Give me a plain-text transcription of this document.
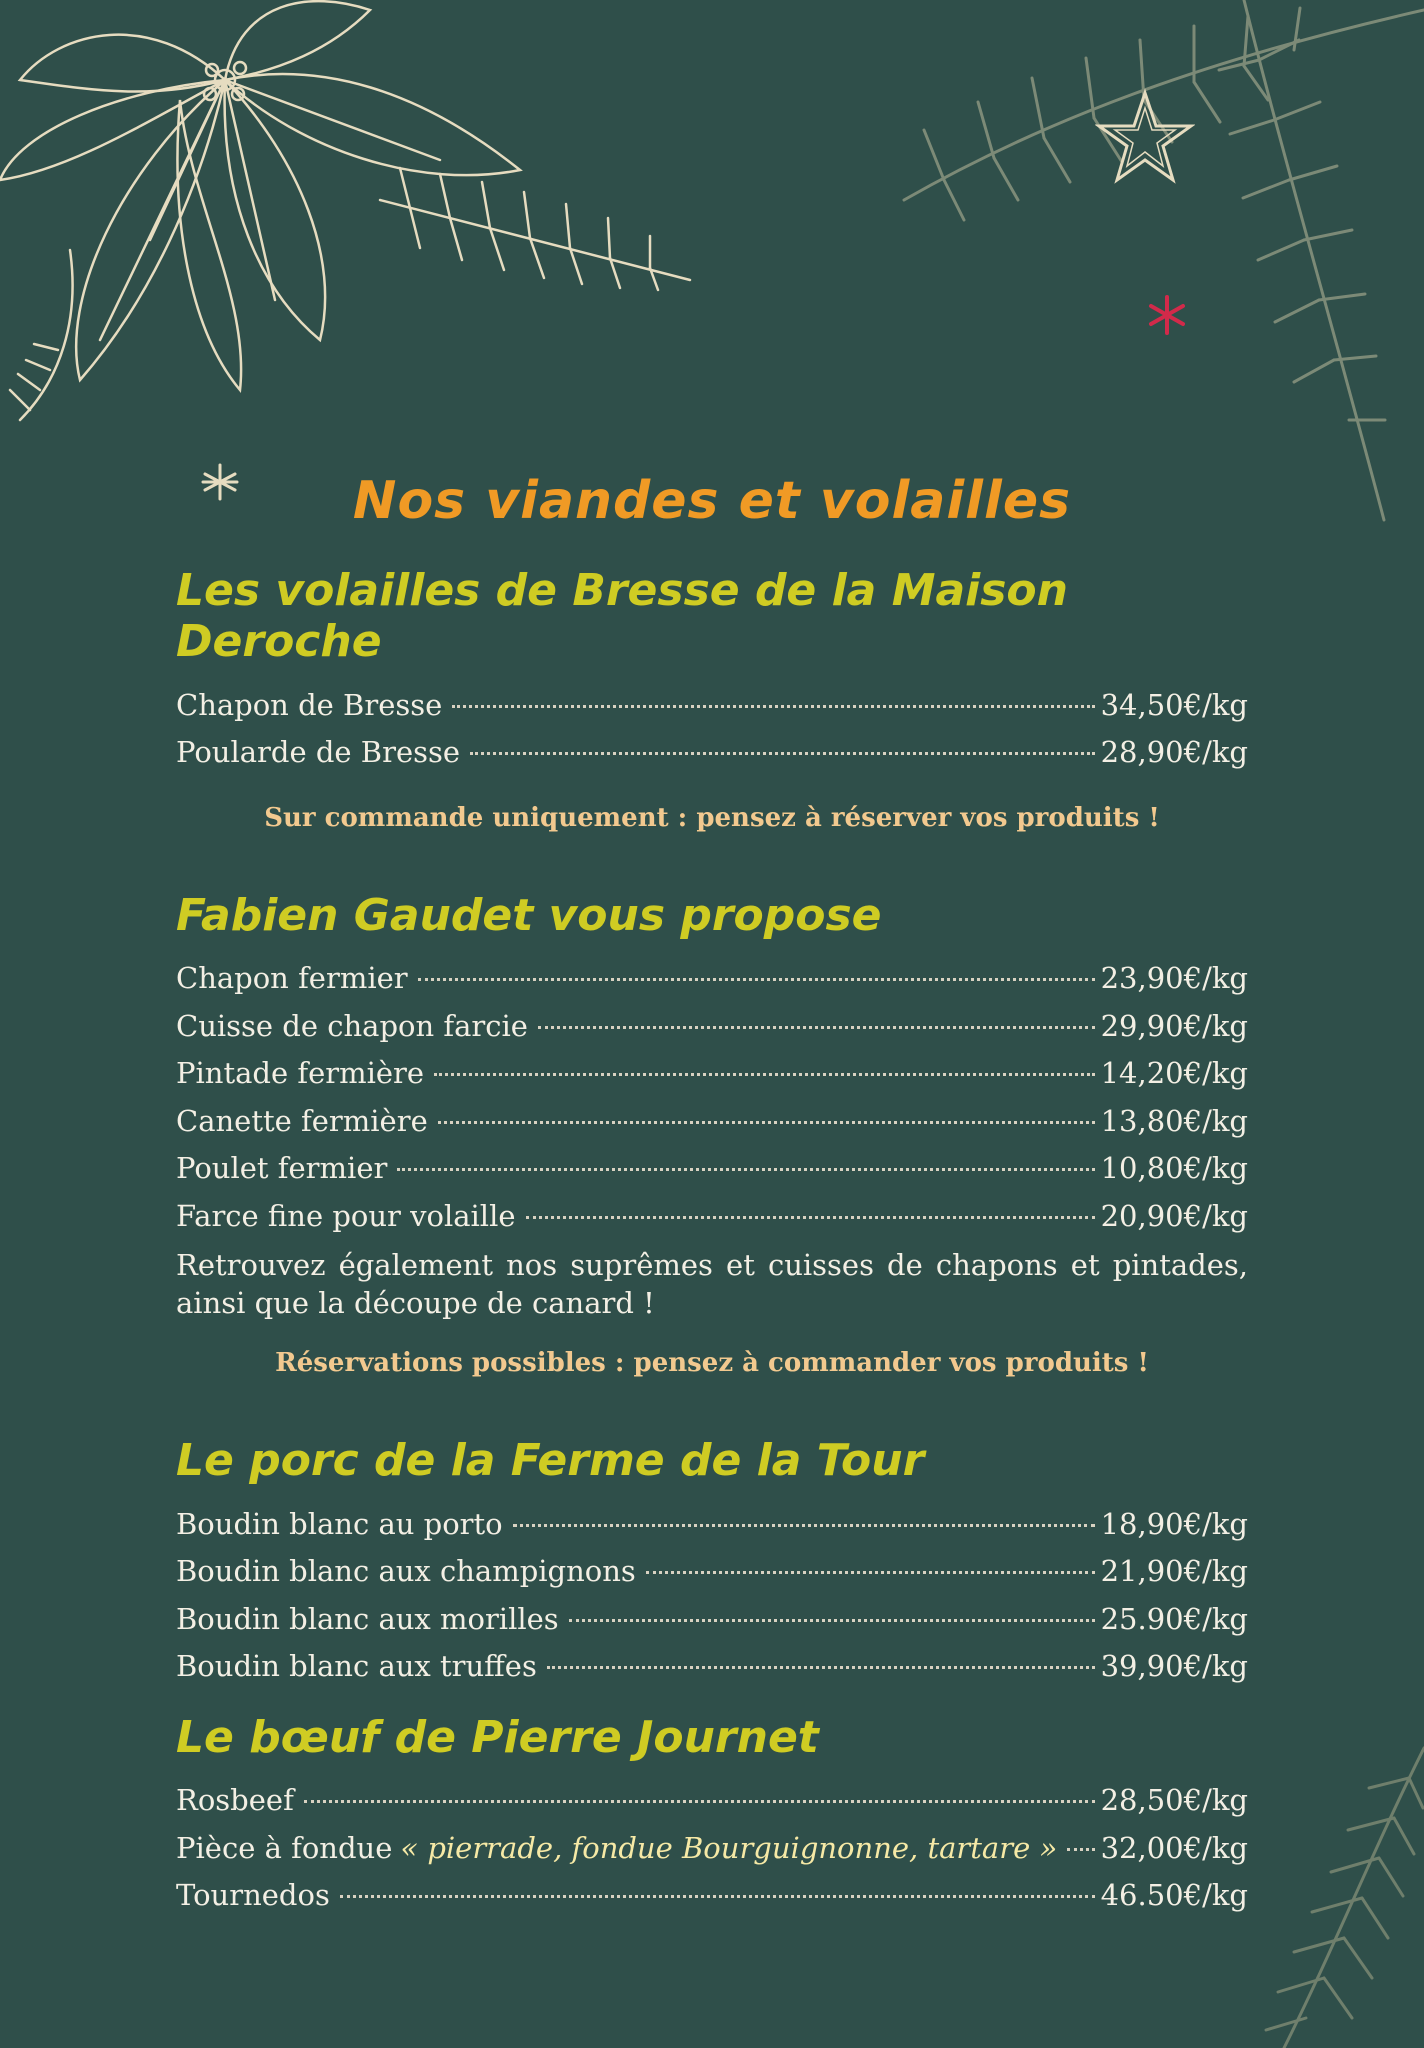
Nos viandes et volailles
Les volailles de Bresse de la Maison Deroche
Chapon de Bresse	34,50€/kg
Poularde de Bresse	28,90€/kg
Sur commande uniquement : pensez à réserver vos produits !
Fabien Gaudet vous propose
Chapon fermier	23,90€/kg
Cuisse de chapon farcie	29,90€/kg
Pintade fermière	14,20€/kg
Canette fermière	13,80€/kg
Poulet fermier	10,80€/kg
Farce fine pour volaille	20,90€/kg

Retrouvez également nos suprêmes et cuisses de chapons et pintades, ainsi que la découpe de canard !

Réservations possibles : pensez à commander vos produits !
Le porc de la Ferme de la Tour
Boudin blanc au porto	18,90€/kg
Boudin blanc aux champignons	21,90€/kg
Boudin blanc aux morilles	25.90€/kg
Boudin blanc aux truffes	39,90€/kg
Le bœuf de Pierre Journet
Rosbeef	28,50€/kg
Pièce à fondue « pierrade, fondue Bourguignonne, tartare » 32,00€/kg
Tournedos	46.50€/kg
